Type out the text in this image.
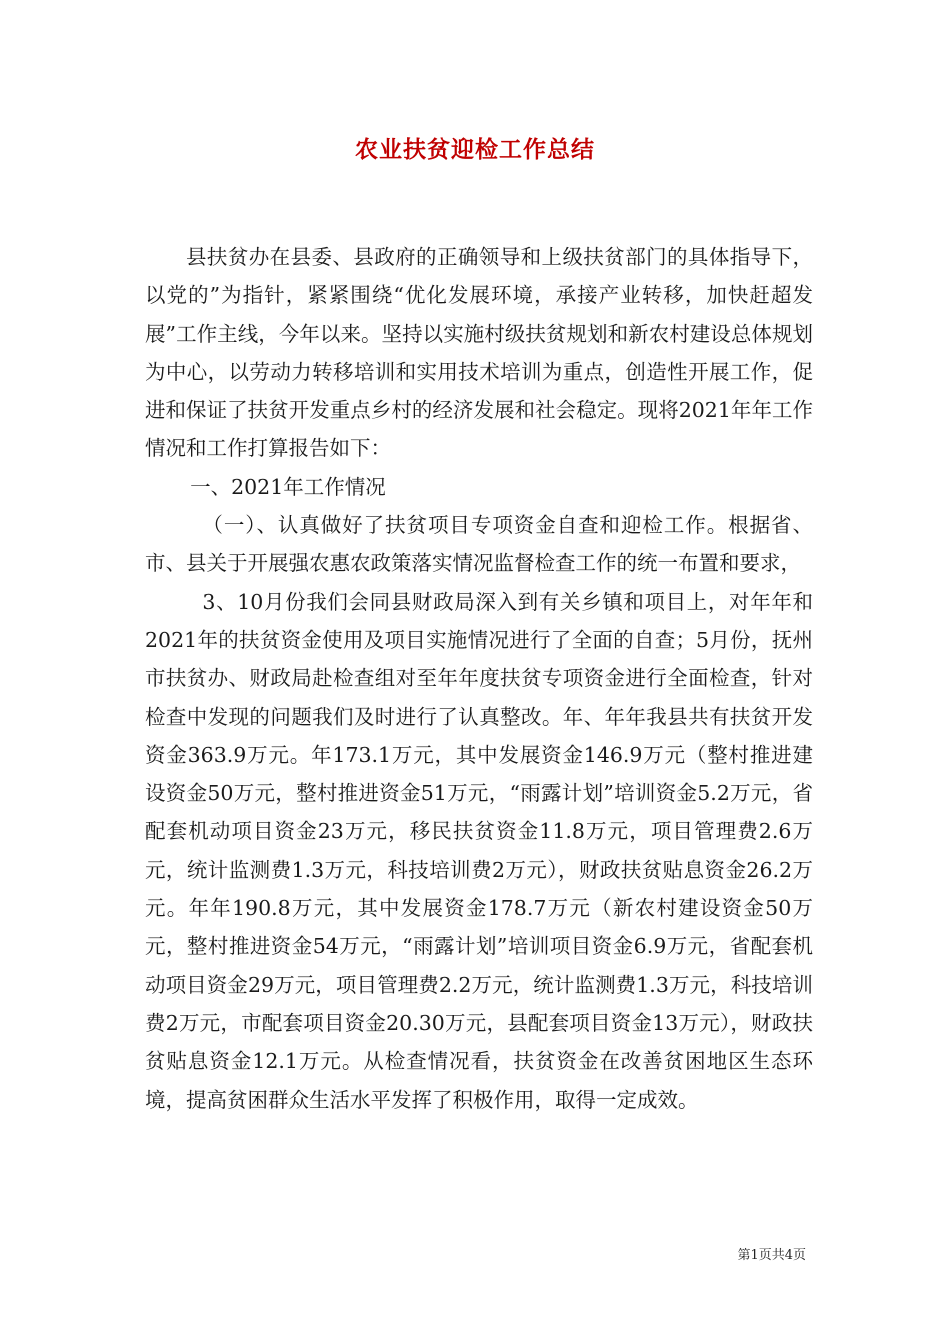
农业扶贫迎检工作总结

县扶贫办在县委、县政府的正确领导和上级扶贫部门的具体指导下，以党的”为指针，紧紧围绕“优化发展环境，承接产业转移，加快赶超发展”工作主线，今年以来。坚持以实施村级扶贫规划和新农村建设总体规划为中心，以劳动力转移培训和实用技术培训为重点，创造性开展工作，促进和保证了扶贫开发重点乡村的经济发展和社会稳定。现将2021年年工作情况和工作打算报告如下：

一、2021年工作情况

（一）、认真做好了扶贫项目专项资金自查和迎检工作。根据省、市、县关于开展强农惠农政策落实情况监督检查工作的统一布置和要求，

3、10月份我们会同县财政局深入到有关乡镇和项目上，对年年和2021年的扶贫资金使用及项目实施情况进行了全面的自查；5月份，抚州市扶贫办、财政局赴检查组对至年年度扶贫专项资金进行全面检查，针对检查中发现的问题我们及时进行了认真整改。年、年年我县共有扶贫开发资金363.9万元。年173.1万元，其中发展资金146.9万元（整村推进建设资金50万元，整村推进资金51万元，“雨露计划”培训资金5.2万元，省配套机动项目资金23万元，移民扶贫资金11.8万元，项目管理费2.6万元，统计监测费1.3万元，科技培训费2万元），财政扶贫贴息资金26.2万元。年年190.8万元，其中发展资金178.7万元（新农村建设资金50万元，整村推进资金54万元，“雨露计划”培训项目资金6.9万元，省配套机动项目资金29万元，项目管理费2.2万元，统计监测费1.3万元，科技培训费2万元，市配套项目资金20.30万元，县配套项目资金13万元），财政扶贫贴息资金12.1万元。从检查情况看，扶贫资金在改善贫困地区生态环境，提高贫困群众生活水平发挥了积极作用，取得一定成效。

第1页共4页
